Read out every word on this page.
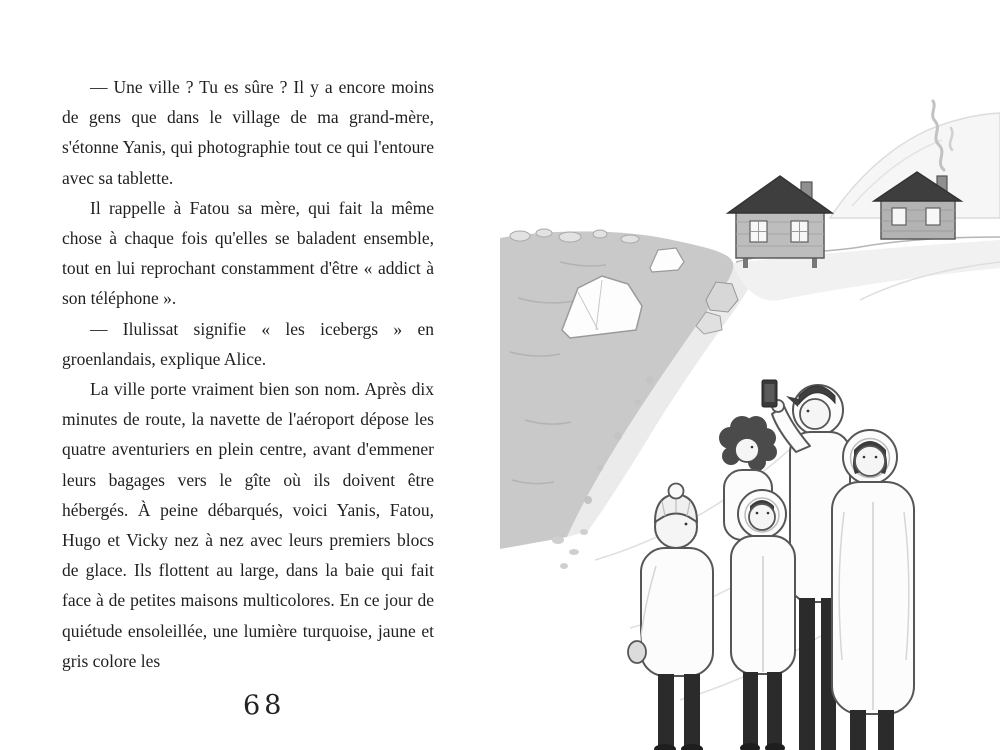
— Une ville ? Tu es sûre ? Il y a encore moins de gens que dans le village de ma grand-mère, s'étonne Yanis, qui photographie tout ce qui l'entoure avec sa tablette.

Il rappelle à Fatou sa mère, qui fait la même chose à chaque fois qu'elles se baladent ensemble, tout en lui reprochant constamment d'être « addict à son téléphone ».

— Ilulissat signifie « les icebergs » en groenlandais, explique Alice.

La ville porte vraiment bien son nom. Après dix minutes de route, la navette de l'aéroport dépose les quatre aventuriers en plein centre, avant d'emmener leurs bagages vers le gîte où ils doivent être hébergés. À peine débarqués, voici Yanis, Fatou, Hugo et Vicky nez à nez avec leurs premiers blocs de glace. Ils flottent au large, dans la baie qui fait face à de petites maisons multicolores. En ce jour de quiétude ensoleillée, une lumière turquoise, jaune et gris colore les

68
